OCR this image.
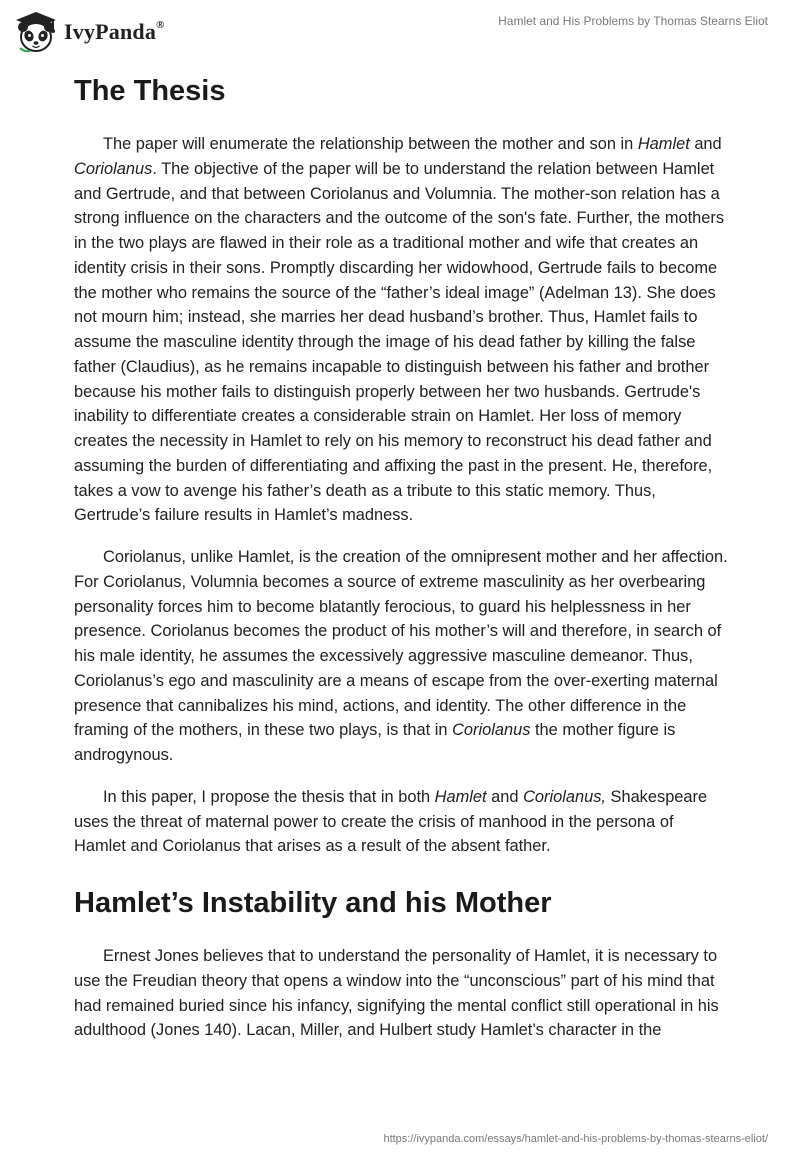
IvyPanda®	Hamlet and His Problems by Thomas Stearns Eliot
The Thesis

The paper will enumerate the relationship between the mother and son in Hamlet and Coriolanus. The objective of the paper will be to understand the relation between Hamlet and Gertrude, and that between Coriolanus and Volumnia. The mother-son relation has a strong influence on the characters and the outcome of the son's fate. Further, the mothers in the two plays are flawed in their role as a traditional mother and wife that creates an identity crisis in their sons. Promptly discarding her widowhood, Gertrude fails to become the mother who remains the source of the “father’s ideal image” (Adelman 13). She does not mourn him; instead, she marries her dead husband’s brother. Thus, Hamlet fails to assume the masculine identity through the image of his dead father by killing the false father (Claudius), as he remains incapable to distinguish between his father and brother because his mother fails to distinguish properly between her two husbands. Gertrude's inability to differentiate creates a considerable strain on Hamlet. Her loss of memory creates the necessity in Hamlet to rely on his memory to reconstruct his dead father and assuming the burden of differentiating and affixing the past in the present. He, therefore, takes a vow to avenge his father’s death as a tribute to this static memory. Thus, Gertrude’s failure results in Hamlet’s madness.

Coriolanus, unlike Hamlet, is the creation of the omnipresent mother and her affection. For Coriolanus, Volumnia becomes a source of extreme masculinity as her overbearing personality forces him to become blatantly ferocious, to guard his helplessness in her presence. Coriolanus becomes the product of his mother’s will and therefore, in search of his male identity, he assumes the excessively aggressive masculine demeanor. Thus, Coriolanus’s ego and masculinity are a means of escape from the over-exerting maternal presence that cannibalizes his mind, actions, and identity. The other difference in the framing of the mothers, in these two plays, is that in Coriolanus the mother figure is androgynous.

In this paper, I propose the thesis that in both Hamlet and Coriolanus, Shakespeare uses the threat of maternal power to create the crisis of manhood in the persona of Hamlet and Coriolanus that arises as a result of the absent father.

Hamlet’s Instability and his Mother

Ernest Jones believes that to understand the personality of Hamlet, it is necessary to use the Freudian theory that opens a window into the “unconscious” part of his mind that had remained buried since his infancy, signifying the mental conflict still operational in his adulthood (Jones 140). Lacan, Miller, and Hulbert study Hamlet’s character in the

https://ivypanda.com/essays/hamlet-and-his-problems-by-thomas-stearns-eliot/
